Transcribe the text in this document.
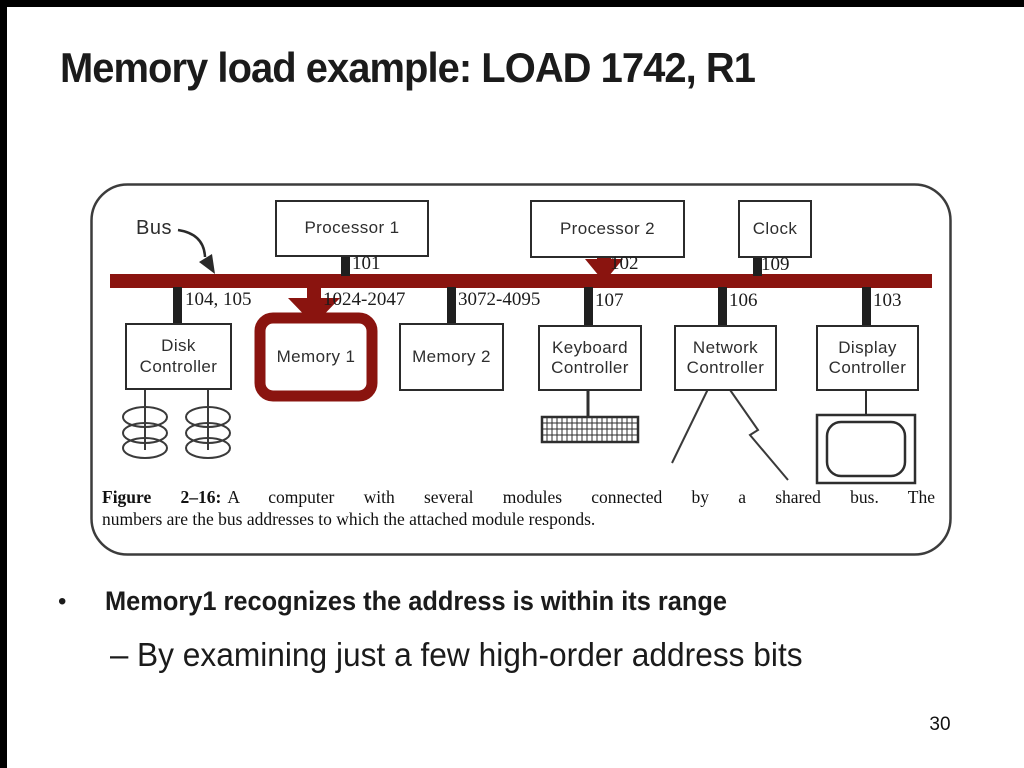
Memory load example: LOAD 1742, R1
Processor 1	Processor 2	Clock
Disk Controller
Memory 1	Memory 2	Keyboard Controller
Network Controller
Display Controller
101	102	109
104, 105	1024-2047	3072-4095	107	106	103
Bus
Figure 2–16: A computer with several modules connected by a shared bus. The
numbers are the bus addresses to which the attached module responds.
•	Memory1 recognizes the address is within its range
– By examining just a few high-order address bits
30
